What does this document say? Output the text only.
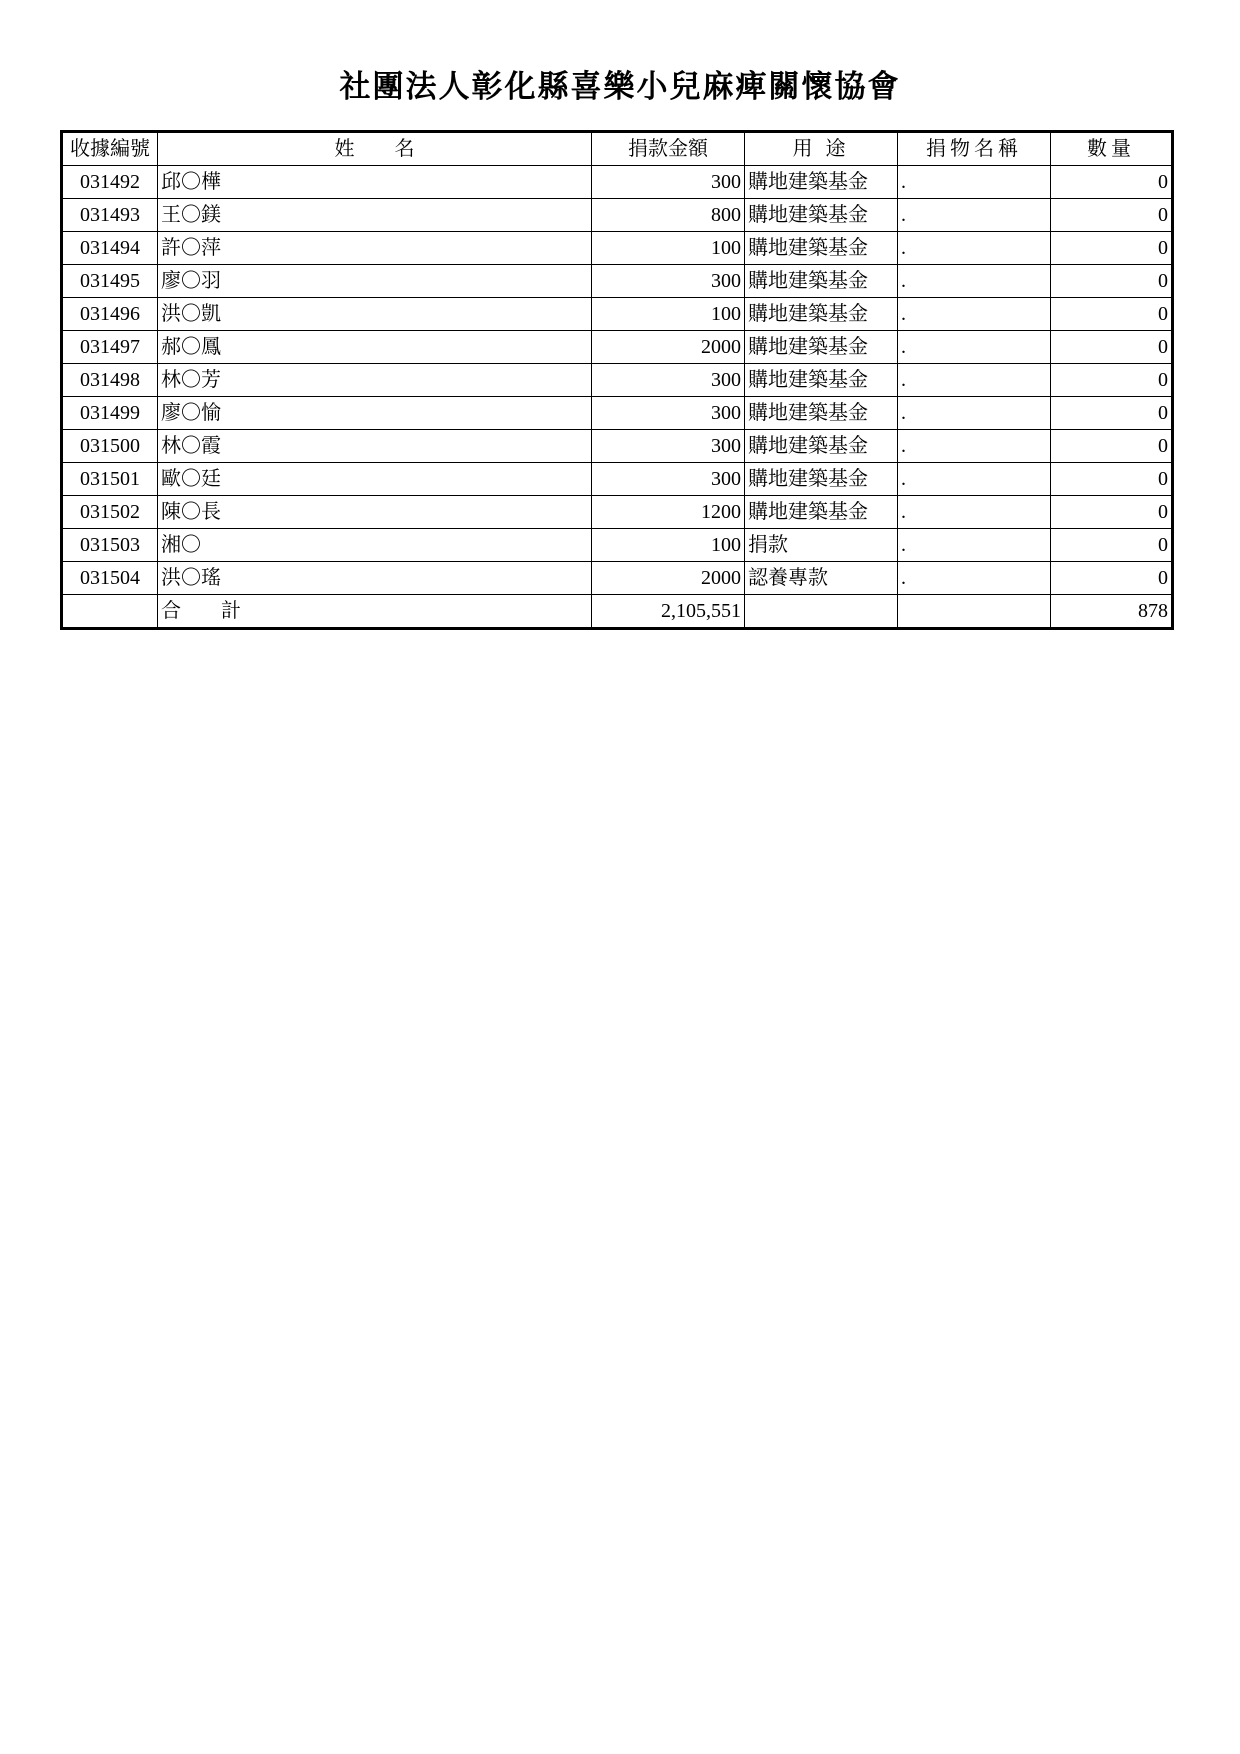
社團法人彰化縣喜樂小兒麻痺關懷協會
收據編號	姓　　名	捐款金額	用 途	捐物名稱	數量
031492	邱〇樺	300	購地建築基金	.	0
031493	王〇鎂	800	購地建築基金	.	0
031494	許〇萍	100	購地建築基金	.	0
031495	廖〇羽	300	購地建築基金	.	0
031496	洪〇凱	100	購地建築基金	.	0
031497	郝〇鳳	2000	購地建築基金	.	0
031498	林〇芳	300	購地建築基金	.	0
031499	廖〇愉	300	購地建築基金	.	0
031500	林〇霞	300	購地建築基金	.	0
031501	歐〇廷	300	購地建築基金	.	0
031502	陳〇長	1200	購地建築基金	.	0
031503	湘〇	100	捐款	.	0
031504	洪〇瑤	2000	認養專款	.	0
	合　　計	2,105,551			878
